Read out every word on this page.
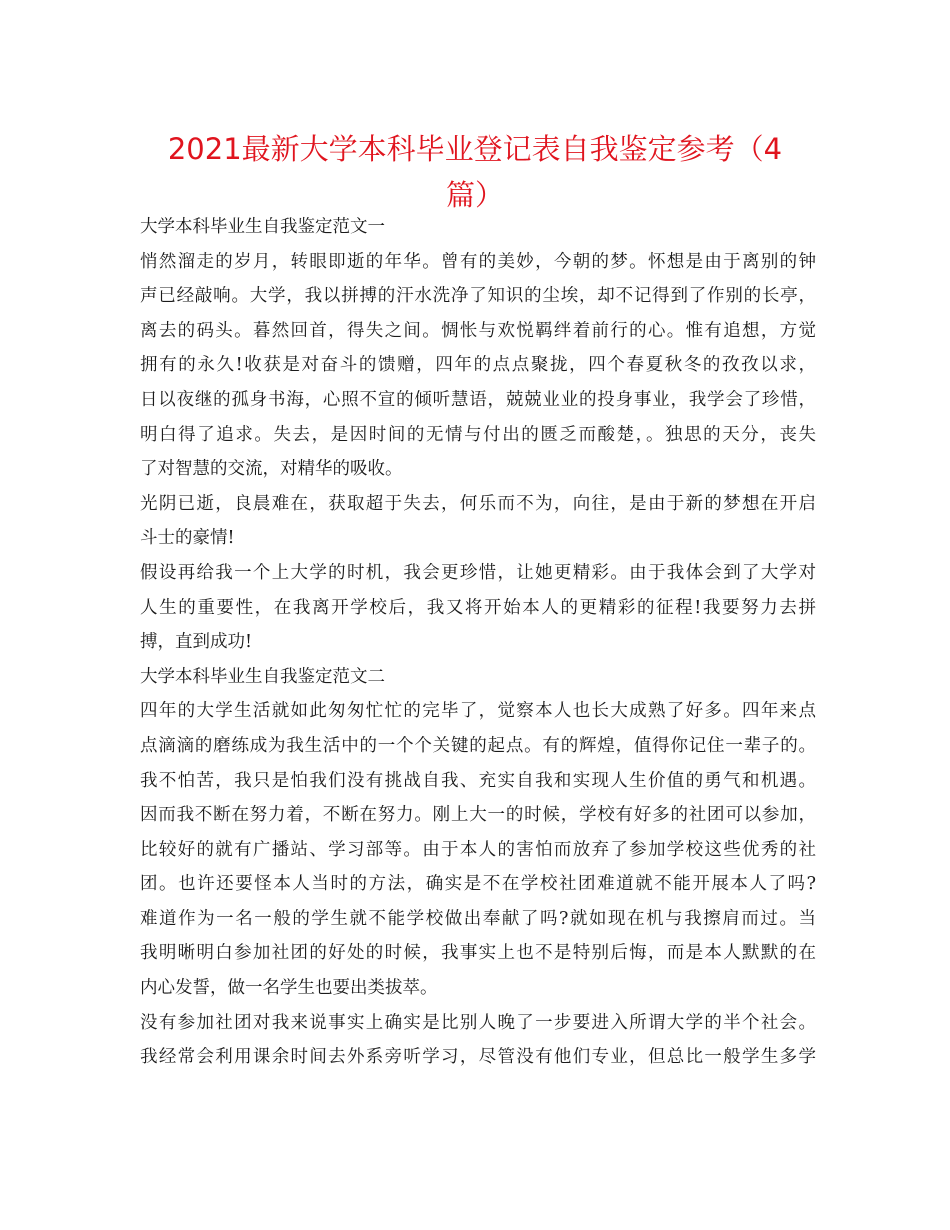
2021最新大学本科毕业登记表自我鉴定参考（4篇）
大学本科毕业生自我鉴定范文一
悄然溜走的岁月，转眼即逝的年华。曾有的美妙，今朝的梦。怀想是由于离别的钟
声已经敲响。大学，我以拼搏的汗水洗净了知识的尘埃，却不记得到了作别的长亭，
离去的码头。暮然回首，得失之间。惆怅与欢悦羁绊着前行的心。惟有追想，方觉
拥有的永久!收获是对奋斗的馈赠，四年的点点聚拢，四个春夏秋冬的孜孜以求，
日以夜继的孤身书海，心照不宣的倾听慧语，兢兢业业的投身事业，我学会了珍惜，
明白得了追求。失去，是因时间的无情与付出的匮乏而酸楚，。独思的天分，丧失
了对智慧的交流，对精华的吸收。
光阴已逝，良晨难在，获取超于失去，何乐而不为，向往，是由于新的梦想在开启
斗士的豪情!
假设再给我一个上大学的时机，我会更珍惜，让她更精彩。由于我体会到了大学对
人生的重要性，在我离开学校后，我又将开始本人的更精彩的征程!我要努力去拼
搏，直到成功!
大学本科毕业生自我鉴定范文二
四年的大学生活就如此匆匆忙忙的完毕了，觉察本人也长大成熟了好多。四年来点
点滴滴的磨练成为我生活中的一个个关键的起点。有的辉煌，值得你记住一辈子的。
我不怕苦，我只是怕我们没有挑战自我、充实自我和实现人生价值的勇气和机遇。
因而我不断在努力着，不断在努力。刚上大一的时候，学校有好多的社团可以参加，
比较好的就有广播站、学习部等。由于本人的害怕而放弃了参加学校这些优秀的社
团。也许还要怪本人当时的方法，确实是不在学校社团难道就不能开展本人了吗?
难道作为一名一般的学生就不能学校做出奉献了吗?就如现在机与我擦肩而过。当
我明晰明白参加社团的好处的时候，我事实上也不是特别后悔，而是本人默默的在
内心发誓，做一名学生也要出类拔萃。
没有参加社团对我来说事实上确实是比别人晚了一步要进入所谓大学的半个社会。
我经常会利用课余时间去外系旁听学习，尽管没有他们专业，但总比一般学生多学
